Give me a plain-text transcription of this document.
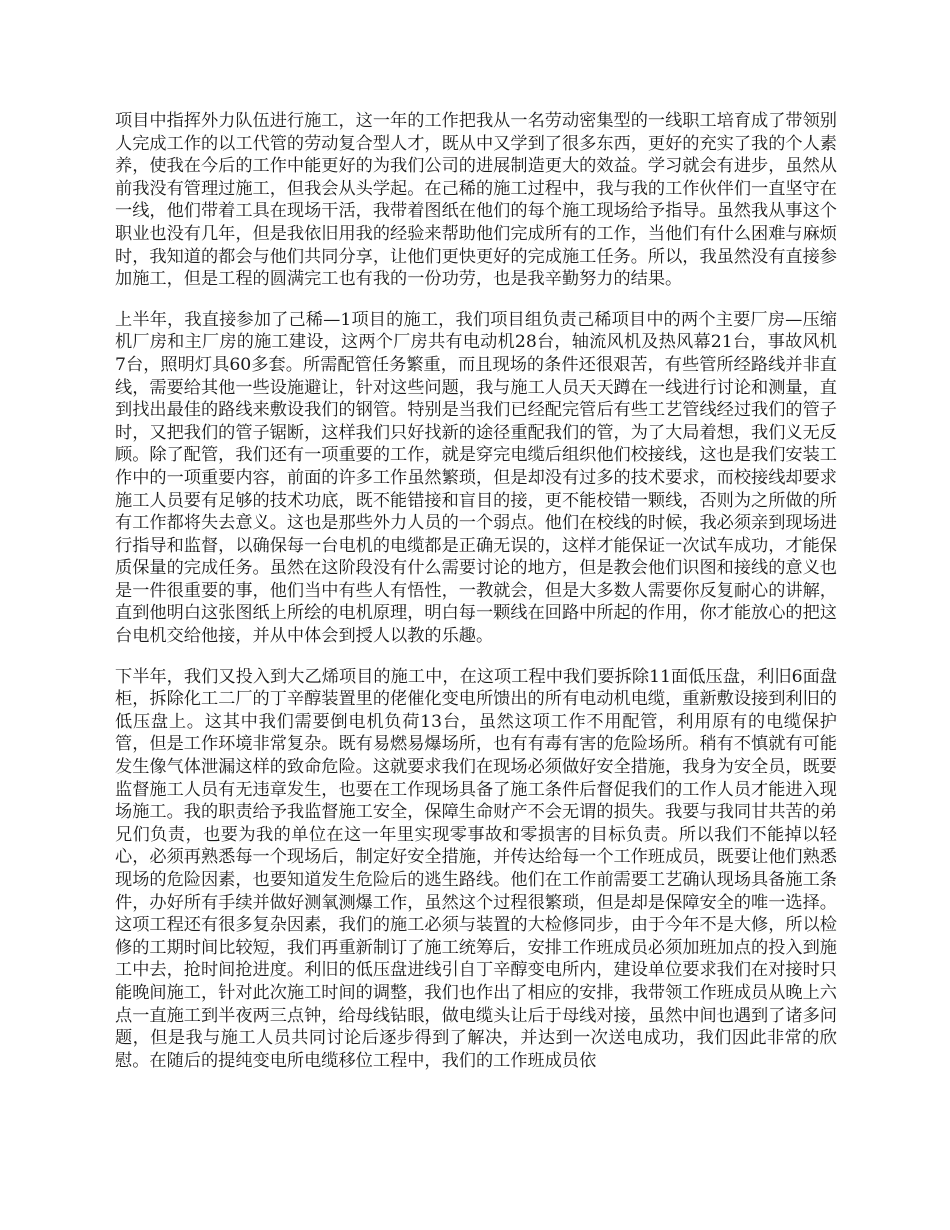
项目中指挥外力队伍进行施工，这一年的工作把我从一名劳动密集型的一线职工培育成了带领别人完成工作的以工代管的劳动复合型人才，既从中又学到了很多东西，更好的充实了我的个人素养，使我在今后的工作中能更好的为我们公司的进展制造更大的效益。学习就会有进步，虽然从前我没有管理过施工，但我会从头学起。在己稀的施工过程中，我与我的工作伙伴们一直坚守在一线，他们带着工具在现场干活，我带着图纸在他们的每个施工现场给予指导。虽然我从事这个职业也没有几年，但是我依旧用我的经验来帮助他们完成所有的工作，当他们有什么困难与麻烦时，我知道的都会与他们共同分享，让他们更快更好的完成施工任务。所以，我虽然没有直接参加施工，但是工程的圆满完工也有我的一份功劳，也是我辛勤努力的结果。

上半年，我直接参加了己稀—1项目的施工，我们项目组负责己稀项目中的两个主要厂房—压缩机厂房和主厂房的施工建设，这两个厂房共有电动机28台，轴流风机及热风幕21台，事故风机7台，照明灯具60多套。所需配管任务繁重，而且现场的条件还很艰苦，有些管所经路线并非直线，需要给其他一些设施避让，针对这些问题，我与施工人员天天蹲在一线进行讨论和测量，直到找出最佳的路线来敷设我们的钢管。特别是当我们已经配完管后有些工艺管线经过我们的管子时，又把我们的管子锯断，这样我们只好找新的途径重配我们的管，为了大局着想，我们义无反顾。除了配管，我们还有一项重要的工作，就是穿完电缆后组织他们校接线，这也是我们安装工作中的一项重要内容，前面的许多工作虽然繁琐，但是却没有过多的技术要求，而校接线却要求施工人员要有足够的技术功底，既不能错接和盲目的接，更不能校错一颗线，否则为之所做的所有工作都将失去意义。这也是那些外力人员的一个弱点。他们在校线的时候，我必须亲到现场进行指导和监督，以确保每一台电机的电缆都是正确无误的，这样才能保证一次试车成功，才能保质保量的完成任务。虽然在这阶段没有什么需要讨论的地方，但是教会他们识图和接线的意义也是一件很重要的事，他们当中有些人有悟性，一教就会，但是大多数人需要你反复耐心的讲解，直到他明白这张图纸上所绘的电机原理，明白每一颗线在回路中所起的作用，你才能放心的把这台电机交给他接，并从中体会到授人以教的乐趣。

下半年，我们又投入到大乙烯项目的施工中，在这项工程中我们要拆除11面低压盘，利旧6面盘柜，拆除化工二厂的丁辛醇装置里的佬催化变电所馈出的所有电动机电缆，重新敷设接到利旧的低压盘上。这其中我们需要倒电机负荷13台，虽然这项工作不用配管，利用原有的电缆保护管，但是工作环境非常复杂。既有易燃易爆场所，也有有毒有害的危险场所。稍有不慎就有可能发生像气体泄漏这样的致命危险。这就要求我们在现场必须做好安全措施，我身为安全员，既要监督施工人员有无违章发生，也要在工作现场具备了施工条件后督促我们的工作人员才能进入现场施工。我的职责给予我监督施工安全，保障生命财产不会无谓的损失。我要与我同甘共苦的弟兄们负责，也要为我的单位在这一年里实现零事故和零损害的目标负责。所以我们不能掉以轻心，必须再熟悉每一个现场后，制定好安全措施，并传达给每一个工作班成员，既要让他们熟悉现场的危险因素，也要知道发生危险后的逃生路线。他们在工作前需要工艺确认现场具备施工条件，办好所有手续并做好测氧测爆工作，虽然这个过程很繁琐，但是却是保障安全的唯一选择。这项工程还有很多复杂因素，我们的施工必须与装置的大检修同步，由于今年不是大修，所以检修的工期时间比较短，我们再重新制订了施工统筹后，安排工作班成员必须加班加点的投入到施工中去，抢时间抢进度。利旧的低压盘进线引自丁辛醇变电所内，建设单位要求我们在对接时只能晚间施工，针对此次施工时间的调整，我们也作出了相应的安排，我带领工作班成员从晚上六点一直施工到半夜两三点钟，给母线钻眼，做电缆头让后于母线对接，虽然中间也遇到了诸多问题，但是我与施工人员共同讨论后逐步得到了解决，并达到一次送电成功，我们因此非常的欣慰。在随后的提纯变电所电缆移位工程中，我们的工作班成员依
